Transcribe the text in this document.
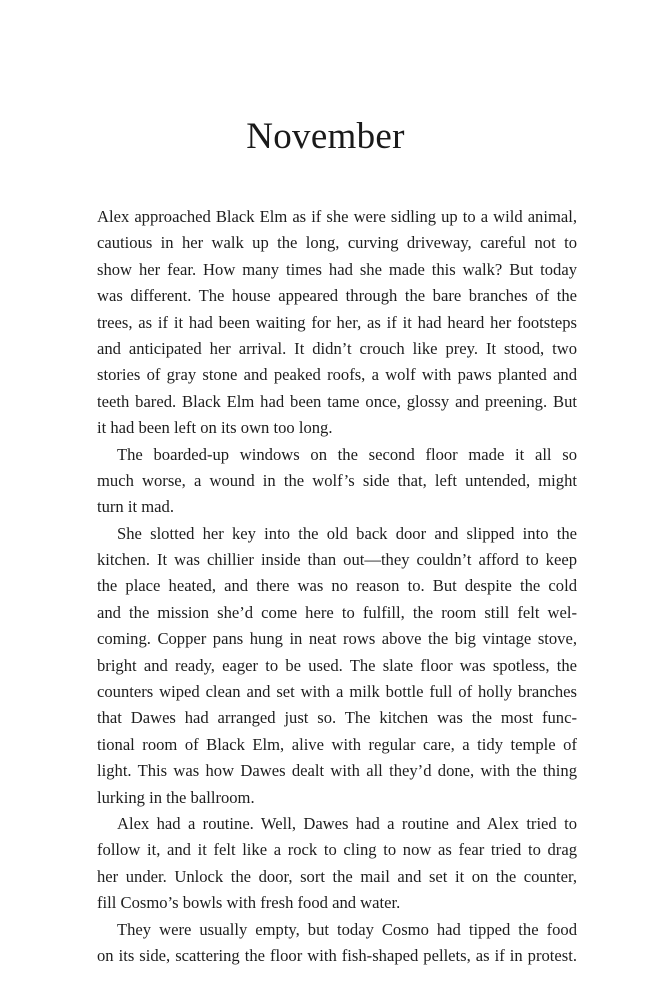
November
Alex approached Black Elm as if she were sidling up to a wild animal,
cautious in her walk up the long, curving driveway, careful not to
show her fear. How many times had she made this walk? But today
was different. The house appeared through the bare branches of the
trees, as if it had been waiting for her, as if it had heard her footsteps
and anticipated her arrival. It didn’t crouch like prey. It stood, two
stories of gray stone and peaked roofs, a wolf with paws planted and
teeth bared. Black Elm had been tame once, glossy and preening. But
it had been left on its own too long.
The boarded-up windows on the second floor made it all so
much worse, a wound in the wolf’s side that, left untended, might
turn it mad.
She slotted her key into the old back door and slipped into the
kitchen. It was chillier inside than out—they couldn’t afford to keep
the place heated, and there was no reason to. But despite the cold
and the mission she’d come here to fulfill, the room still felt wel-
coming. Copper pans hung in neat rows above the big vintage stove,
bright and ready, eager to be used. The slate floor was spotless, the
counters wiped clean and set with a milk bottle full of holly branches
that Dawes had arranged just so. The kitchen was the most func-
tional room of Black Elm, alive with regular care, a tidy temple of
light. This was how Dawes dealt with all they’d done, with the thing
lurking in the ballroom.
Alex had a routine. Well, Dawes had a routine and Alex tried to
follow it, and it felt like a rock to cling to now as fear tried to drag
her under. Unlock the door, sort the mail and set it on the counter,
fill Cosmo’s bowls with fresh food and water.
They were usually empty, but today Cosmo had tipped the food
on its side, scattering the floor with fish-shaped pellets, as if in protest.
